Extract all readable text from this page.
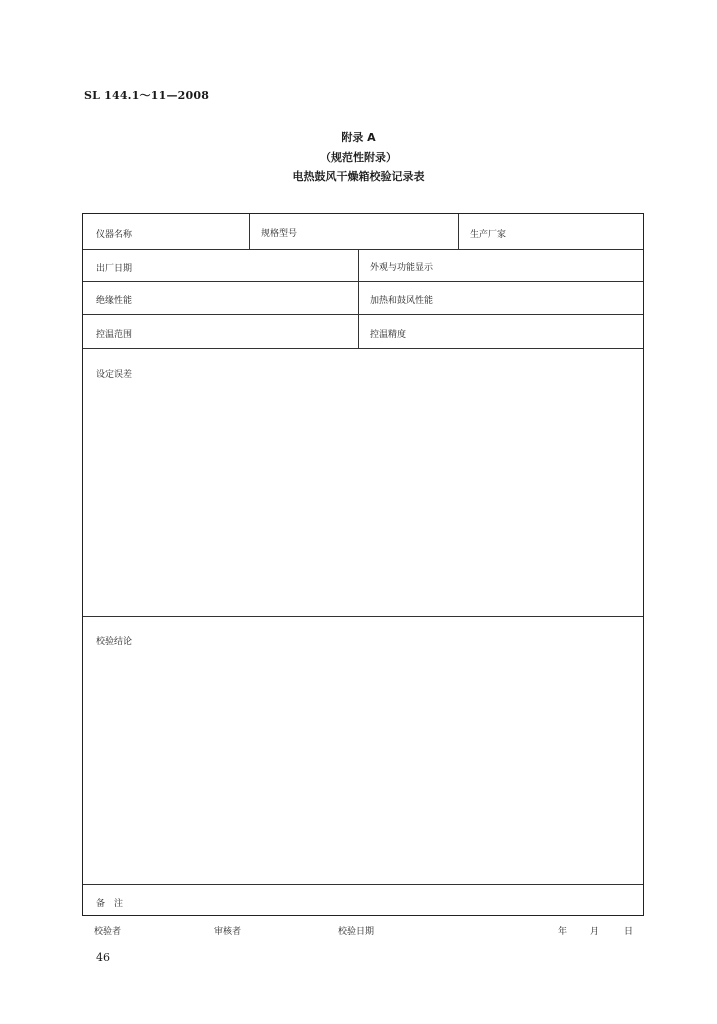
SL 144.1～11—2008
附录 A
（规范性附录）
电热鼓风干燥箱校验记录表
仪器名称	规格型号	生产厂家
出厂日期	外观与功能显示
绝缘性能	加热和鼓风性能
控温范围	控温精度
设定误差
校验结论
备　注
校验者	审核者	校验日期	年	月	日
46
